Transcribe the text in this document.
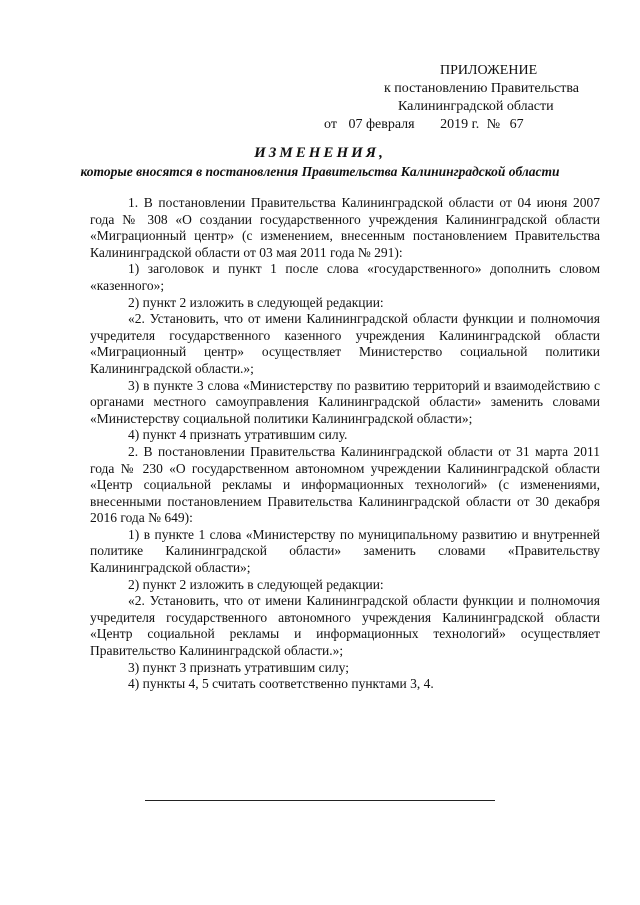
ПРИЛОЖЕНИЕ
к постановлению Правительства
Калининградской области
от 07 февраля 2019 г. № 67
ИЗМЕНЕНИЯ,
которые вносятся в постановления Правительства Калининградской области

1. В постановлении Правительства Калининградской области от 04 июня 2007 года № 308 «О создании государственного учреждения Калининградской области «Миграционный центр» (с изменением, внесенным постановлением Правительства Калининградской области от 03 мая 2011 года № 291):

1) заголовок и пункт 1 после слова «государственного» дополнить словом «казенного»;

2) пункт 2 изложить в следующей редакции:

«2. Установить, что от имени Калининградской области функции и полномочия учредителя государственного казенного учреждения Калининградской области «Миграционный центр» осуществляет Министерство социальной политики Калининградской области.»;

3) в пункте 3 слова «Министерству по развитию территорий и взаимодействию с органами местного самоуправления Калининградской области» заменить словами «Министерству социальной политики Калининградской области»;

4) пункт 4 признать утратившим силу.

2. В постановлении Правительства Калининградской области от 31 марта 2011 года № 230 «О государственном автономном учреждении Калининградской области «Центр социальной рекламы и информационных технологий» (с изменениями, внесенными постановлением Правительства Калининградской области от 30 декабря 2016 года № 649):

1) в пункте 1 слова «Министерству по муниципальному развитию и внутренней политике Калининградской области» заменить словами «Правительству Калининградской области»;

2) пункт 2 изложить в следующей редакции:

«2. Установить, что от имени Калининградской области функции и полномочия учредителя государственного автономного учреждения Калининградской области «Центр социальной рекламы и информационных технологий» осуществляет Правительство Калининградской области.»;

3) пункт 3 признать утратившим силу;

4) пункты 4, 5 считать соответственно пунктами 3, 4.
